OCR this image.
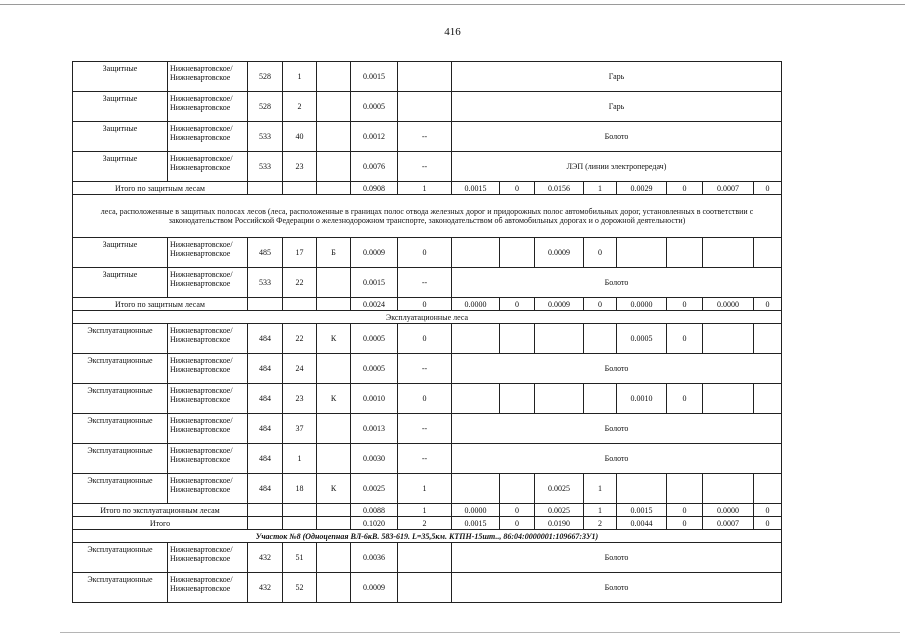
416
Защитные	Нижневартовское/
Нижневартовское	528	1		0.0015		Гарь							
Защитные	Нижневартовское/
Нижневартовское	528	2		0.0005		Гарь							
Защитные	Нижневартовское/
Нижневартовское	533	40		0.0012	--	Болото							
Защитные	Нижневартовское/
Нижневартовское	533	23		0.0076	--	ЛЭП (линии электропередач)							
Итого по защитным лесам					0.0908	1	0.0015	0	0.0156	1	0.0029	0	0.0007	0
леса, расположенные в защитных полосах лесов (леса, расположенные в границах полос отвода железных дорог и придорожных полос автомобильных дорог, установленных в соответствии с законодательством Российской Федерации о железнодорожном транспорте, законодательством об автомобильных дорогах и о дорожной деятельности)														
Защитные	Нижневартовское/
Нижневартовское	485	17	Б	0.0009	0			0.0009	0				
Защитные	Нижневартовское/
Нижневартовское	533	22		0.0015	--	Болото							
Итого по защитным лесам					0.0024	0	0.0000	0	0.0009	0	0.0000	0	0.0000	0
Эксплуатационные леса														
Эксплуатационные	Нижневартовское/
Нижневартовское	484	22	К	0.0005	0					0.0005	0		
Эксплуатационные	Нижневартовское/
Нижневартовское	484	24		0.0005	--	Болото							
Эксплуатационные	Нижневартовское/
Нижневартовское	484	23	К	0.0010	0					0.0010	0		
Эксплуатационные	Нижневартовское/
Нижневартовское	484	37		0.0013	--	Болото							
Эксплуатационные	Нижневартовское/
Нижневартовское	484	1		0.0030	--	Болото							
Эксплуатационные	Нижневартовское/
Нижневартовское	484	18	К	0.0025	1			0.0025	1				
Итого по эксплуатационным лесам					0.0088	1	0.0000	0	0.0025	1	0.0015	0	0.0000	0
Итого					0.1020	2	0.0015	0	0.0190	2	0.0044	0	0.0007	0
Участок №8 (Одноцепная ВЛ-6кВ. 583-619. L=35,5км. КТПН-15шт.., 86:04:0000001:109667:ЗУ1)														
Эксплуатационные	Нижневартовское/
Нижневартовское	432	51		0.0036		Болото							
Эксплуатационные	Нижневартовское/
Нижневартовское	432	52		0.0009		Болото							
